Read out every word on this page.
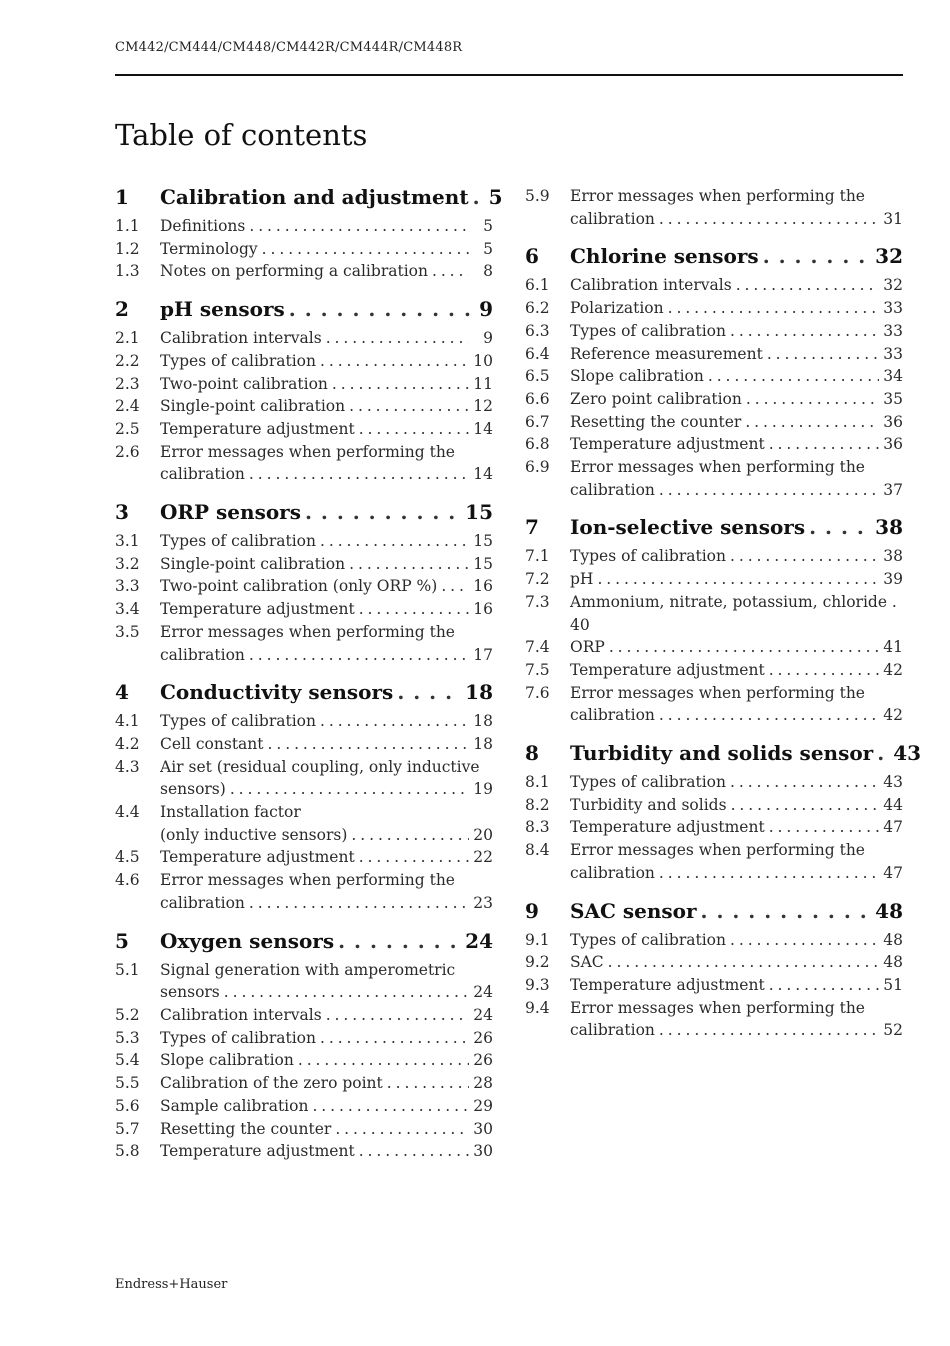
CM442/CM444/CM448/CM442R/CM444R/CM448R
Table of contents
1	Calibration and adjustment . . . 5
1.1	Definitions . . .	5
1.2	Terminology . . .	5
1.3	Notes on performing a calibration . . .	8
2	pH sensors . . .	9
2.1	Calibration intervals . . .	9
2.2	Types of calibration . . .	10
2.3	Two-point calibration . . .	11
2.4	Single-point calibration . . .	12
2.5	Temperature adjustment . . .	14
2.6	Error messages when performing the
calibration . . .	14
3	ORP sensors . . .	15
3.1	Types of calibration . . .	15
3.2	Single-point calibration . . .	15
3.3	Two-point calibration (only ORP %) . . . 16
3.4	Temperature adjustment . . .	16
3.5	Error messages when performing the
calibration . . .	17
4	Conductivity sensors . . .	18
4.1	Types of calibration . . .	18
4.2	Cell constant . . .	18
4.3	Air set (residual coupling, only inductive
sensors) . . .	19
4.4	Installation factor
(only inductive sensors) . . .	20
4.5	Temperature adjustment . . .	22
4.6	Error messages when performing the
calibration . . .	23
5	Oxygen sensors . . .	24
5.1	Signal generation with amperometric
sensors . . .	24
5.2	Calibration intervals . . .	24
5.3	Types of calibration . . .	26
5.4	Slope calibration . . .	26
5.5	Calibration of the zero point . . .	28
5.6	Sample calibration . . .	29
5.7	Resetting the counter . . .	30
5.8	Temperature adjustment . . .	30
5.9	Error messages when performing the
calibration . . .	31
6	Chlorine sensors . . .	32
6.1	Calibration intervals . . .	32
6.2	Polarization . . .	33
6.3	Types of calibration . . .	33
6.4	Reference measurement . . .	33
6.5	Slope calibration . . .	34
6.6	Zero point calibration . . .	35
6.7	Resetting the counter . . .	36
6.8	Temperature adjustment . . .	36
6.9	Error messages when performing the
calibration . . .	37
7	Ion-selective sensors . . .	38
7.1	Types of calibration . . .	38
7.2	pH . . .	39
7.3	Ammonium, nitrate, potassium, chloride .
40
7.4	ORP . . .	41
7.5	Temperature adjustment . . .	42
7.6	Error messages when performing the
calibration . . .	42
8	Turbidity and solids sensor . . . 43
8.1	Types of calibration . . .	43
8.2	Turbidity and solids . . .	44
8.3	Temperature adjustment . . .	47
8.4	Error messages when performing the
calibration . . .	47
9	SAC sensor . . .	48
9.1	Types of calibration . . .	48
9.2	SAC . . .	48
9.3	Temperature adjustment . . .	51
9.4	Error messages when performing the
calibration . . .	52
Endress+Hauser
